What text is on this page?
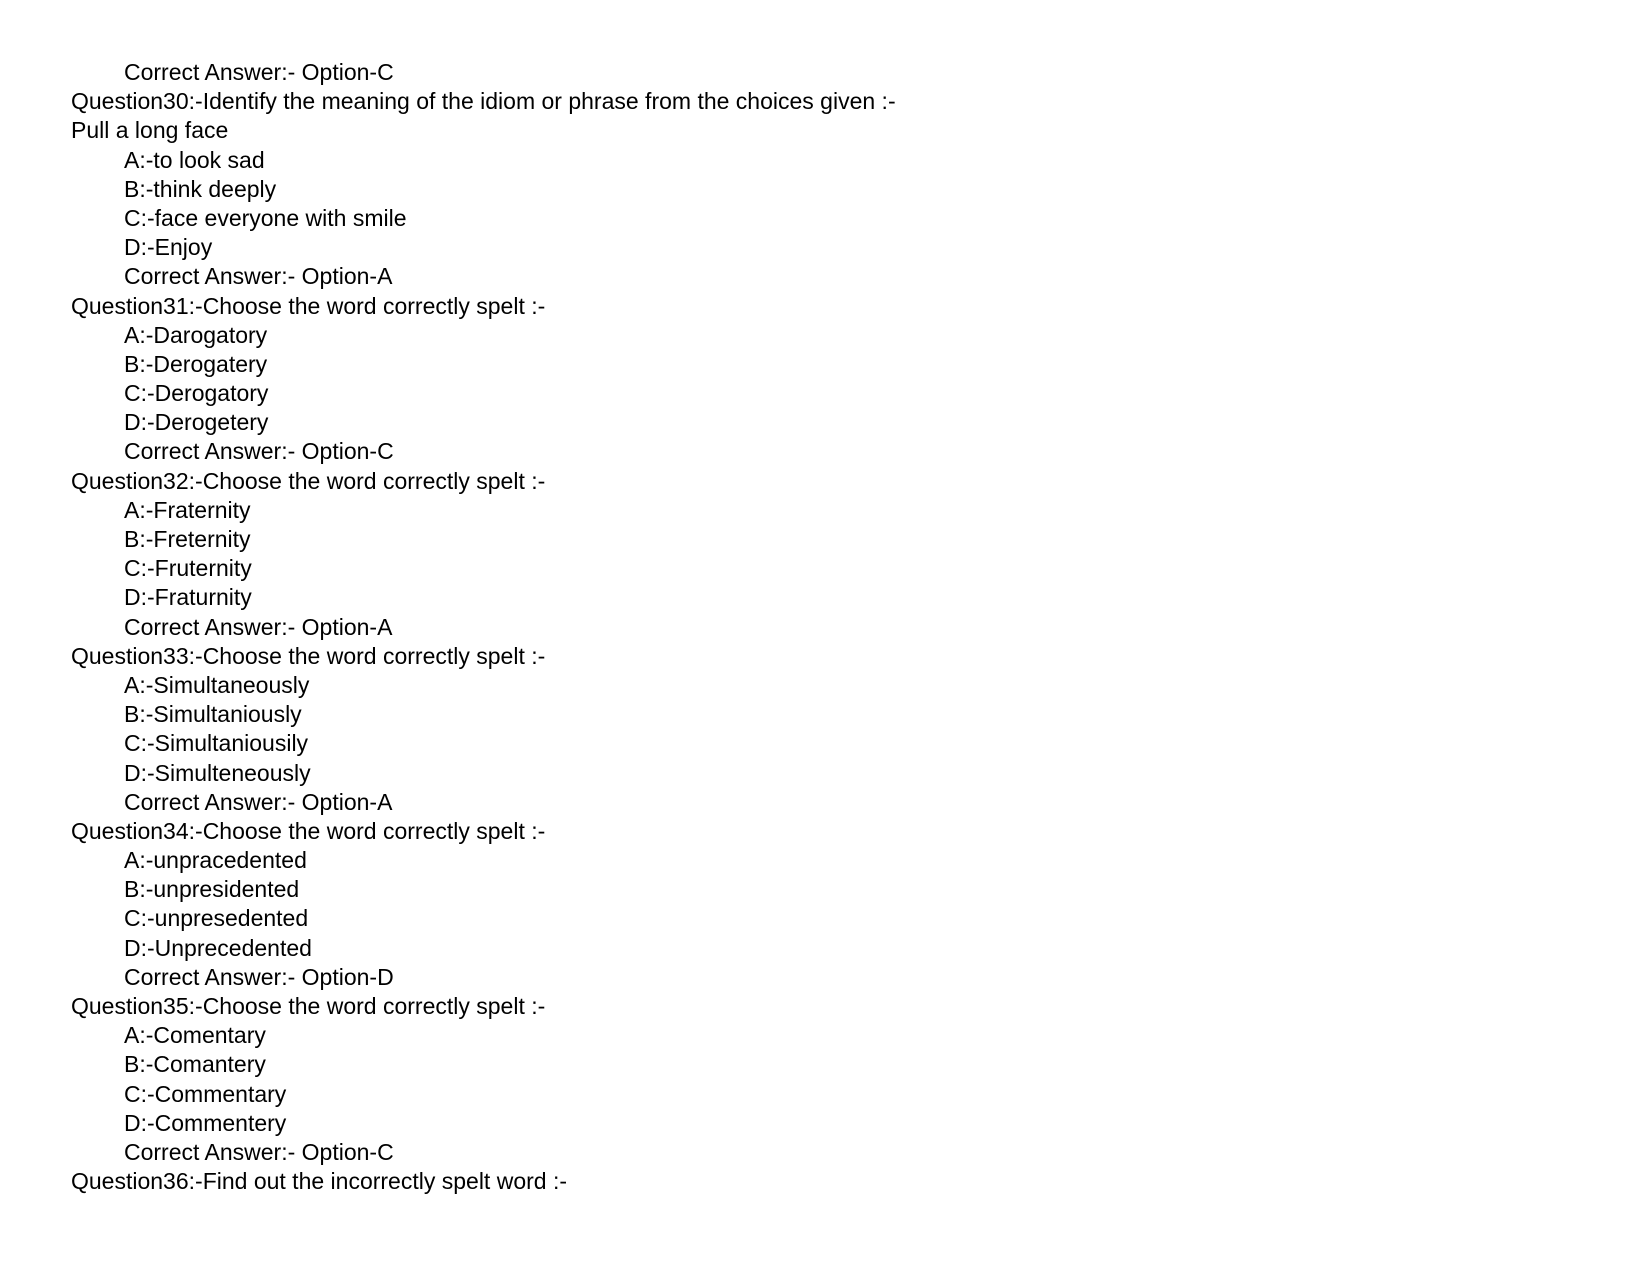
Correct Answer:- Option-C
Question30:-Identify the meaning of the idiom or phrase from the choices given :-
Pull a long face
A:-to look sad
B:-think deeply
C:-face everyone with smile
D:-Enjoy
Correct Answer:- Option-A
Question31:-Choose the word correctly spelt :-
A:-Darogatory
B:-Derogatery
C:-Derogatory
D:-Derogetery
Correct Answer:- Option-C
Question32:-Choose the word correctly spelt :-
A:-Fraternity
B:-Freternity
C:-Fruternity
D:-Fraturnity
Correct Answer:- Option-A
Question33:-Choose the word correctly spelt :-
A:-Simultaneously
B:-Simultaniously
C:-Simultaniousily
D:-Simulteneously
Correct Answer:- Option-A
Question34:-Choose the word correctly spelt :-
A:-unpracedented
B:-unpresidented
C:-unpresedented
D:-Unprecedented
Correct Answer:- Option-D
Question35:-Choose the word correctly spelt :-
A:-Comentary
B:-Comantery
C:-Commentary
D:-Commentery
Correct Answer:- Option-C
Question36:-Find out the incorrectly spelt word :-
